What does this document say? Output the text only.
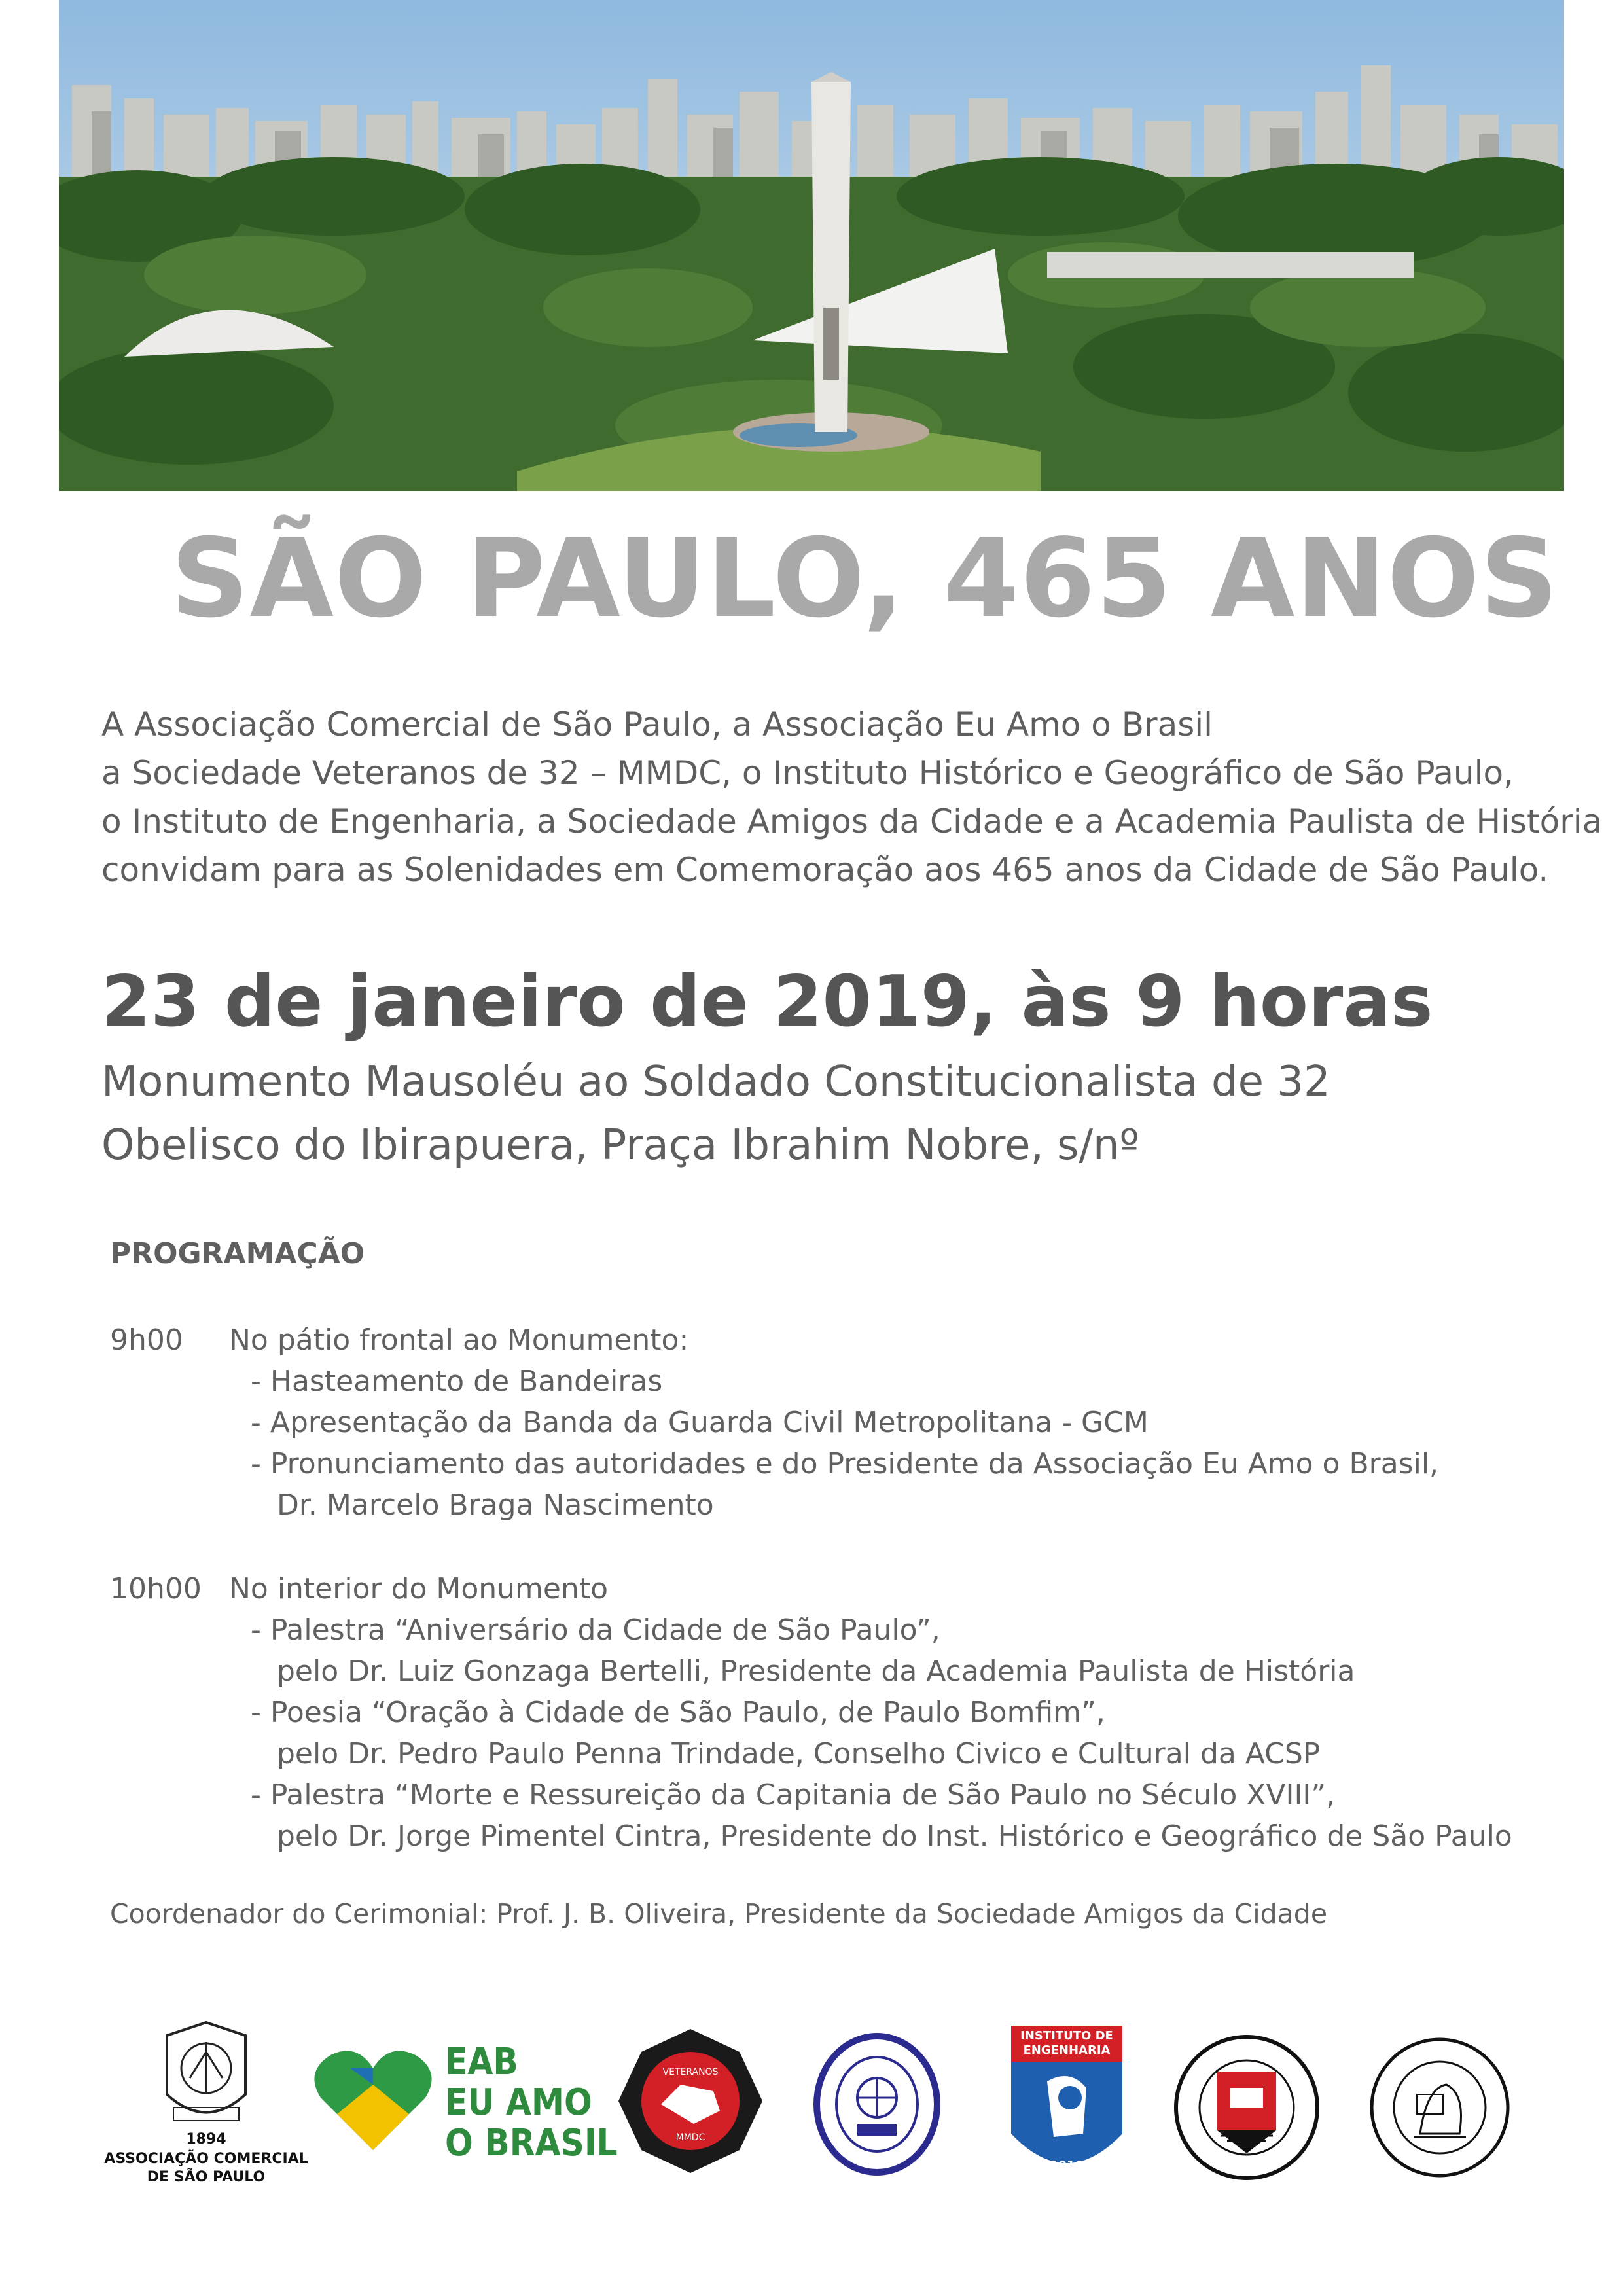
SÃO PAULO, 465 ANOS
A Associação Comercial de São Paulo, a Associação Eu Amo o Brasil
a Sociedade Veteranos de 32 – MMDC, o Instituto Histórico e Geográfico de São Paulo,
o Instituto de Engenharia, a Sociedade Amigos da Cidade e a Academia Paulista de História
convidam para as Solenidades em Comemoração aos 465 anos da Cidade de São Paulo.
23 de janeiro de 2019, às 9 horas
Monumento Mausoléu ao Soldado Constitucionalista de 32
Obelisco do Ibirapuera, Praça Ibrahim Nobre, s/nº
PROGRAMAÇÃO
9h00	No pátio frontal ao Monumento:
- Hasteamento de Bandeiras
- Apresentação da Banda da Guarda Civil Metropolitana - GCM
- Pronunciamento das autoridades e do Presidente da Associação Eu Amo o Brasil,
Dr. Marcelo Braga Nascimento
10h00 No interior do Monumento
- Palestra “Aniversário da Cidade de São Paulo”,
pelo Dr. Luiz Gonzaga Bertelli, Presidente da Academia Paulista de História
- Poesia “Oração à Cidade de São Paulo, de Paulo Bomfim”,
pelo Dr. Pedro Paulo Penna Trindade, Conselho Civico e Cultural da ACSP
- Palestra “Morte e Ressureição da Capitania de São Paulo no Século XVIII”,
pelo Dr. Jorge Pimentel Cintra, Presidente do Inst. Histórico e Geográfico de São Paulo
Coordenador do Cerimonial: Prof. J. B. Oliveira, Presidente da Sociedade Amigos da Cidade
1894
ASSOCIAÇÃO COMERCIAL
DE SÃO PAULO
EAB
EU AMO
O BRASIL
VETERANOS
MMDC
INSTITUTO DE
ENGENHARIA
1916
